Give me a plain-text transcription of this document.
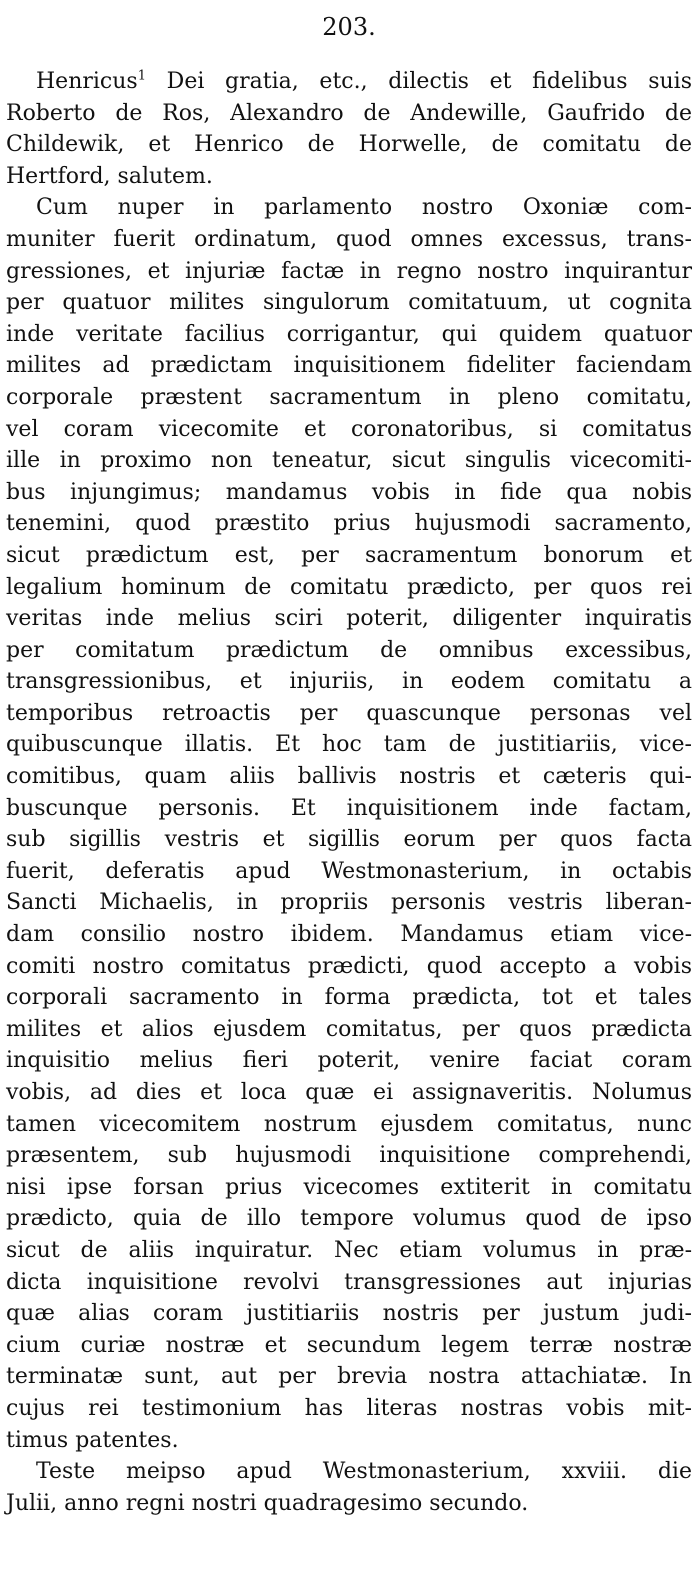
203.
Henricus$^1$ Dei gratia, etc., dilectis et fidelibus suis
Roberto de Ros, Alexandro de Andewille, Gaufrido de
Childewik, et Henrico de Horwelle, de comitatu de
Hertford, salutem.
Cum nuper in parlamento nostro Oxoniæ com-
muniter fuerit ordinatum, quod omnes excessus, trans-
gressiones, et injuriæ factæ in regno nostro inquirantur
per quatuor milites singulorum comitatuum, ut cognita
inde veritate facilius corrigantur, qui quidem quatuor
milites ad prædictam inquisitionem fideliter faciendam
corporale præstent sacramentum in pleno comitatu,
vel coram vicecomite et coronatoribus, si comitatus
ille in proximo non teneatur, sicut singulis vicecomiti-
bus injungimus; mandamus vobis in fide qua nobis
tenemini, quod præstito prius hujusmodi sacramento,
sicut prædictum est, per sacramentum bonorum et
legalium hominum de comitatu prædicto, per quos rei
veritas inde melius sciri poterit, diligenter inquiratis
per comitatum prædictum de omnibus excessibus,
transgressionibus, et injuriis, in eodem comitatu a
temporibus retroactis per quascunque personas vel
quibuscunque illatis. Et hoc tam de justitiariis, vice-
comitibus, quam aliis ballivis nostris et cæteris qui-
buscunque personis. Et inquisitionem inde factam,
sub sigillis vestris et sigillis eorum per quos facta
fuerit, deferatis apud Westmonasterium, in octabis
Sancti Michaelis, in propriis personis vestris liberan-
dam consilio nostro ibidem. Mandamus etiam vice-
comiti nostro comitatus prædicti, quod accepto a vobis
corporali sacramento in forma prædicta, tot et tales
milites et alios ejusdem comitatus, per quos prædicta
inquisitio melius fieri poterit, venire faciat coram
vobis, ad dies et loca quæ ei assignaveritis. Nolumus
tamen vicecomitem nostrum ejusdem comitatus, nunc
præsentem, sub hujusmodi inquisitione comprehendi,
nisi ipse forsan prius vicecomes extiterit in comitatu
prædicto, quia de illo tempore volumus quod de ipso
sicut de aliis inquiratur. Nec etiam volumus in præ-
dicta inquisitione revolvi transgressiones aut injurias
quæ alias coram justitiariis nostris per justum judi-
cium curiæ nostræ et secundum legem terræ nostræ
terminatæ sunt, aut per brevia nostra attachiatæ. In
cujus rei testimonium has literas nostras vobis mit-
timus patentes.
Teste meipso apud Westmonasterium, xxviii. die
Julii, anno regni nostri quadragesimo secundo.
